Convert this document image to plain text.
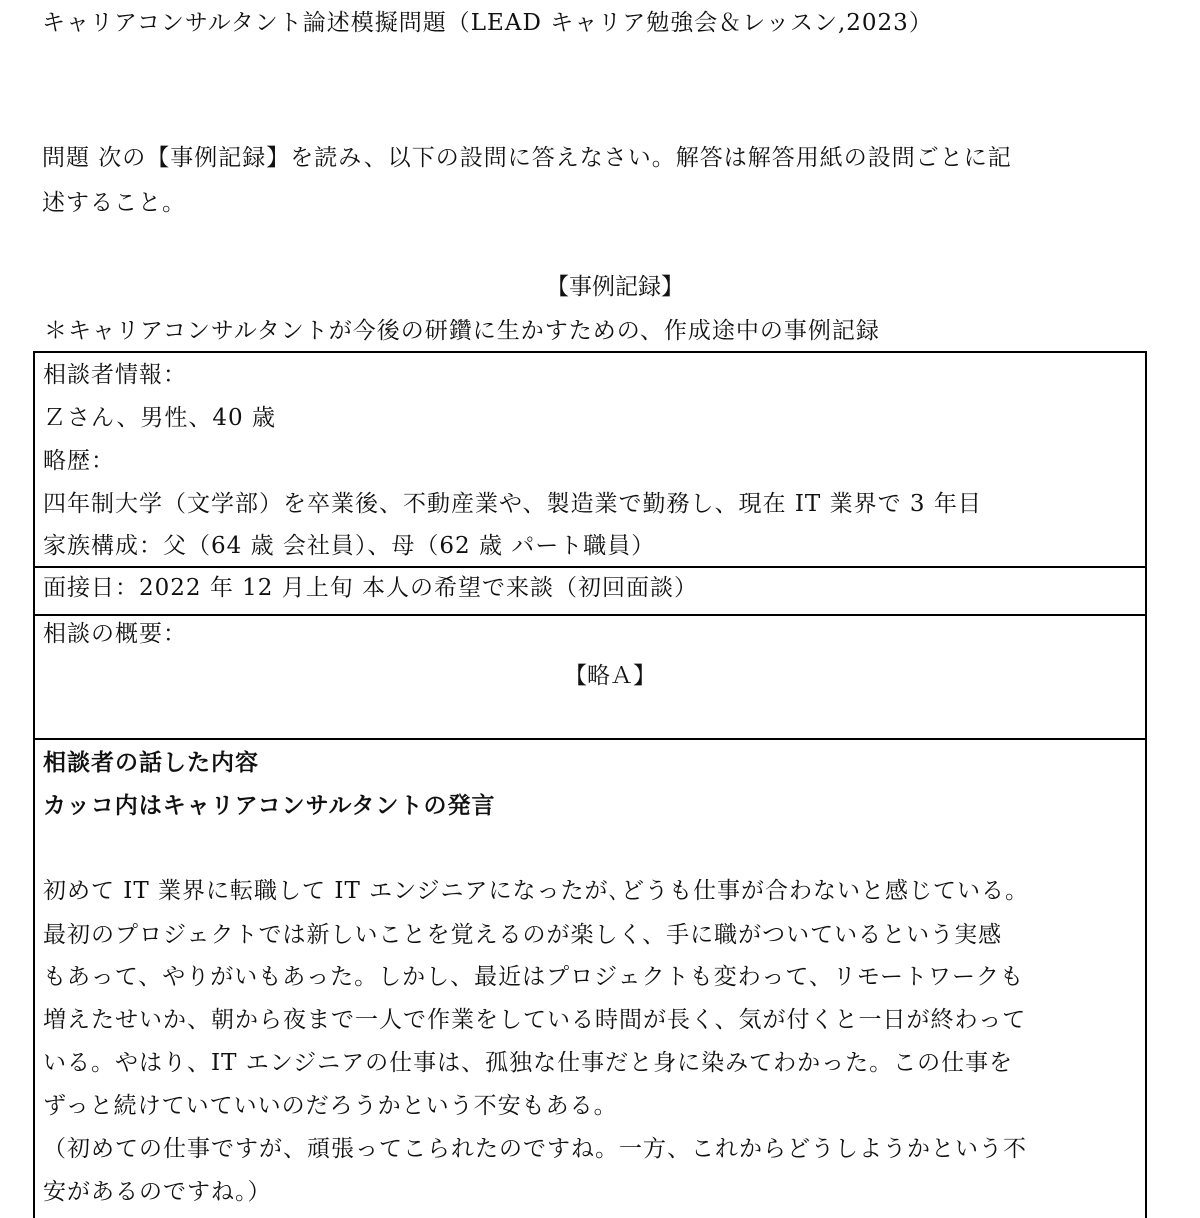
キャリアコンサルタント論述模擬問題（LEAD キャリア勉強会＆レッスン,2023）
問題 次の【事例記録】を読み、以下の設問に答えなさい。解答は解答用紙の設問ごとに記
述すること。
【事例記録】
＊キャリアコンサルタントが今後の研鑽に生かすための、作成途中の事例記録
相談者情報：
Ｚさん、男性、40 歳
略歴：
四年制大学（文学部）を卒業後、不動産業や、製造業で勤務し、現在 IT 業界で 3 年目
家族構成：父（64 歳 会社員）、母（62 歳 パート職員）
面接日：2022 年 12 月上旬 本人の希望で来談（初回面談）
相談の概要：
【略Ａ】
相談者の話した内容
カッコ内はキャリアコンサルタントの発言
初めて IT 業界に転職して IT エンジニアになったが､どうも仕事が合わないと感じている。
最初のプロジェクトでは新しいことを覚えるのが楽しく、手に職がついているという実感
もあって、やりがいもあった。しかし、最近はプロジェクトも変わって、リモートワークも
増えたせいか、朝から夜まで一人で作業をしている時間が長く、気が付くと一日が終わって
いる。やはり、IT エンジニアの仕事は、孤独な仕事だと身に染みてわかった。この仕事を
ずっと続けていていいのだろうかという不安もある。
（初めての仕事ですが、頑張ってこられたのですね。一方、これからどうしようかという不
安があるのですね。）
